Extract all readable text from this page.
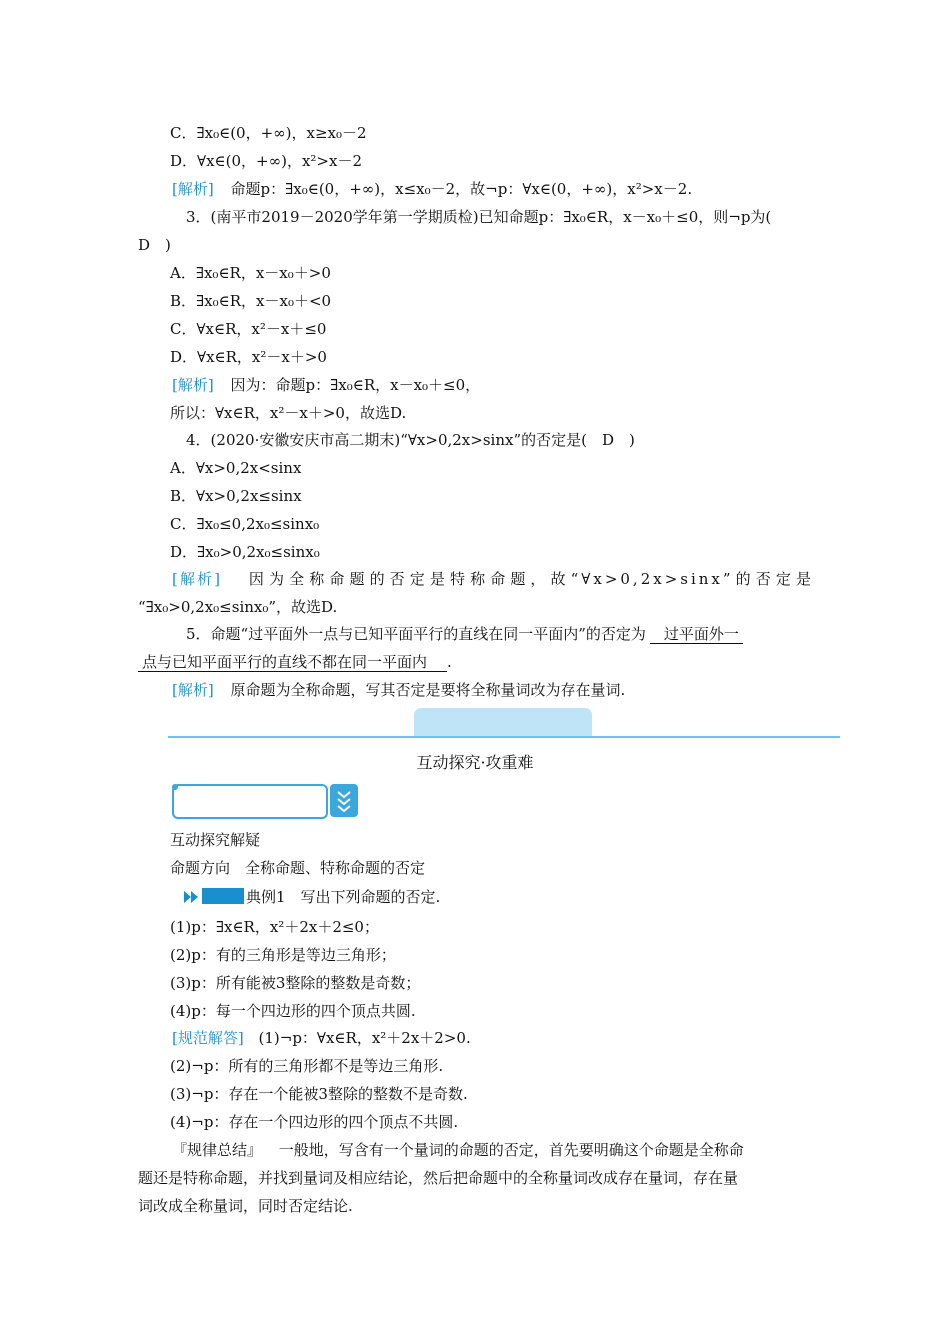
C．∃x₀∈(0，+∞)，x≥x₀－2
D．∀x∈(0，+∞)，x²>x－2
[解析] 命题p：∃x₀∈(0，+∞)，x≤x₀－2，故¬p：∀x∈(0，+∞)，x²>x－2.
3．(南平市2019－2020学年第一学期质检)已知命题p：∃x₀∈R，x－x₀＋≤0，则¬p为(
D　)
A．∃x₀∈R，x－x₀＋>0
B．∃x₀∈R，x－x₀＋<0
C．∀x∈R，x²－x＋≤0
D．∀x∈R，x²－x＋>0
[解析] 因为：命题p：∃x₀∈R，x－x₀＋≤0，
所以：∀x∈R，x²－x＋>0，故选D.
4．(2020·安徽安庆市高二期末)“∀x>0,2x>sinx”的否定是(　D　)
A．∀x>0,2x<sinx
B．∀x>0,2x≤sinx
C．∃x₀≤0,2x₀≤sinx₀
D．∃x₀>0,2x₀≤sinx₀
[解析] 因为全称命题的否定是特称命题，故“∀x>0,2x>sinx”的否定是
“∃x₀>0,2x₀≤sinx₀”，故选D.
5．命题“过平面外一点与已知平面平行的直线在同一平面内”的否定为 过平面外一
点与已知平面平行的直线不都在同一平面内 .
[解析] 原命题为全称命题，写其否定是要将全称量词改为存在量词.
互动探究·攻重难
互动探究解疑
命题方向　全称命题、特称命题的否定
典例1　写出下列命题的否定.
(1)p：∃x∈R，x²＋2x＋2≤0；
(2)p：有的三角形是等边三角形；
(3)p：所有能被3整除的整数是奇数；
(4)p：每一个四边形的四个顶点共圆.
[规范解答] (1)¬p：∀x∈R，x²＋2x＋2>0.
(2)¬p：所有的三角形都不是等边三角形.
(3)¬p：存在一个能被3整除的整数不是奇数.
(4)¬p：存在一个四边形的四个顶点不共圆.
『规律总结』 一般地，写含有一个量词的命题的否定，首先要明确这个命题是全称命
题还是特称命题，并找到量词及相应结论，然后把命题中的全称量词改成存在量词，存在量
词改成全称量词，同时否定结论.
